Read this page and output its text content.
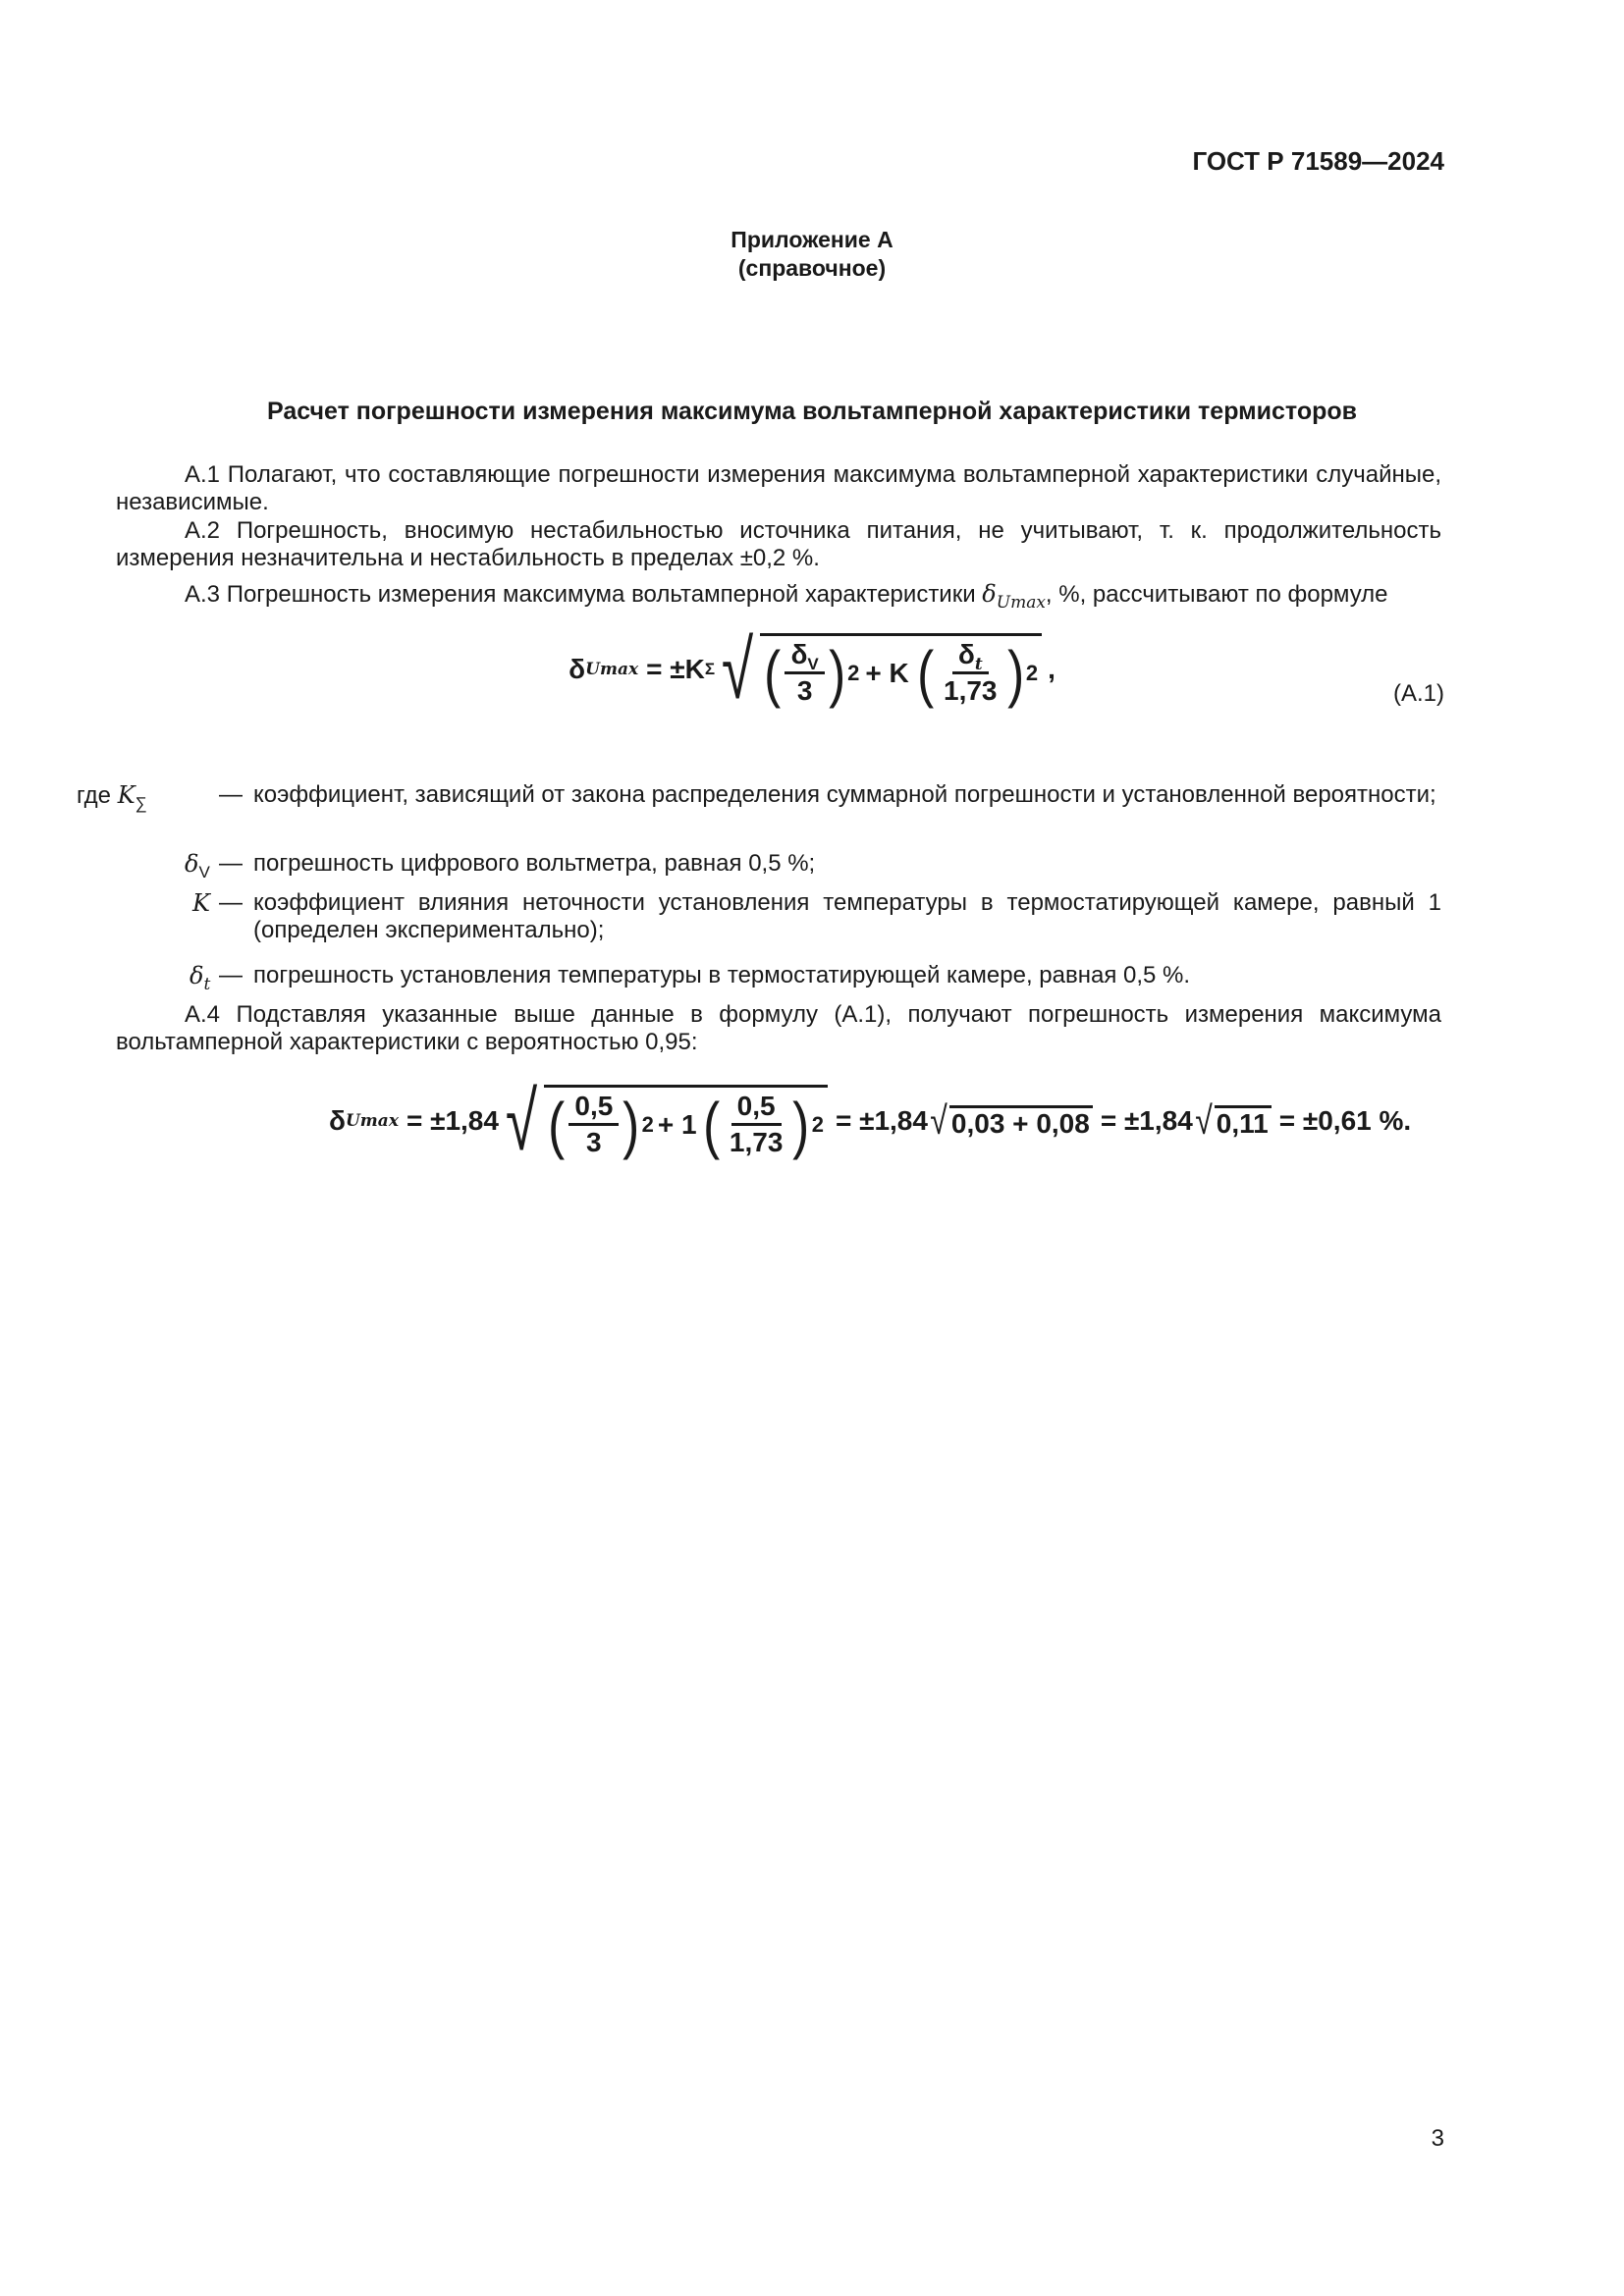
ГОСТ Р 71589—2024
Приложение А
(справочное)
Расчет погрешности измерения максимума вольтамперной характеристики термисторов
А.1 Полагают, что составляющие погрешности измерения максимума вольтамперной характеристики случайные, независимые.
А.2 Погрешность, вносимую нестабильностью источника питания, не учитывают, т. к. продолжительность измерения незначительна и нестабильность в пределах ±0,2 %.
А.3 Погрешность измерения максимума вольтамперной характеристики $\delta_{Umax}$, %, рассчитывают по формуле
δ Umax = ±K Σ √ ( $\frac{\delta_V}{3}$ ) 2 + K ( $\frac{\delta_t}{1,73}$ ) 2 ,
(А.1)
где $K_\sum$	— коэффициент, зависящий от закона распределения суммарной погрешности и установленной вероятности;
$\delta_V$ — погрешность цифрового вольтметра, равная 0,5 %;
K — коэффициент влияния неточности установления температуры в термостатирующей камере, равный 1 (определен экспериментально);
$\delta_t$ — погрешность установления температуры в термостатирующей камере, равная 0,5 %.
А.4 Подставляя указанные выше данные в формулу (А.1), получают погрешность измерения максимума вольтамперной характеристики с вероятностью 0,95:
δ Umax = ±1,84 √ ( $\frac{0,5}{3}$ ) 2 + 1 ( $\frac{0,5}{1,73}$ ) 2 = ±1,84 √ 0,03 + 0,08 = ±1,84 √ 0,11 = ±0,61 %.
3
